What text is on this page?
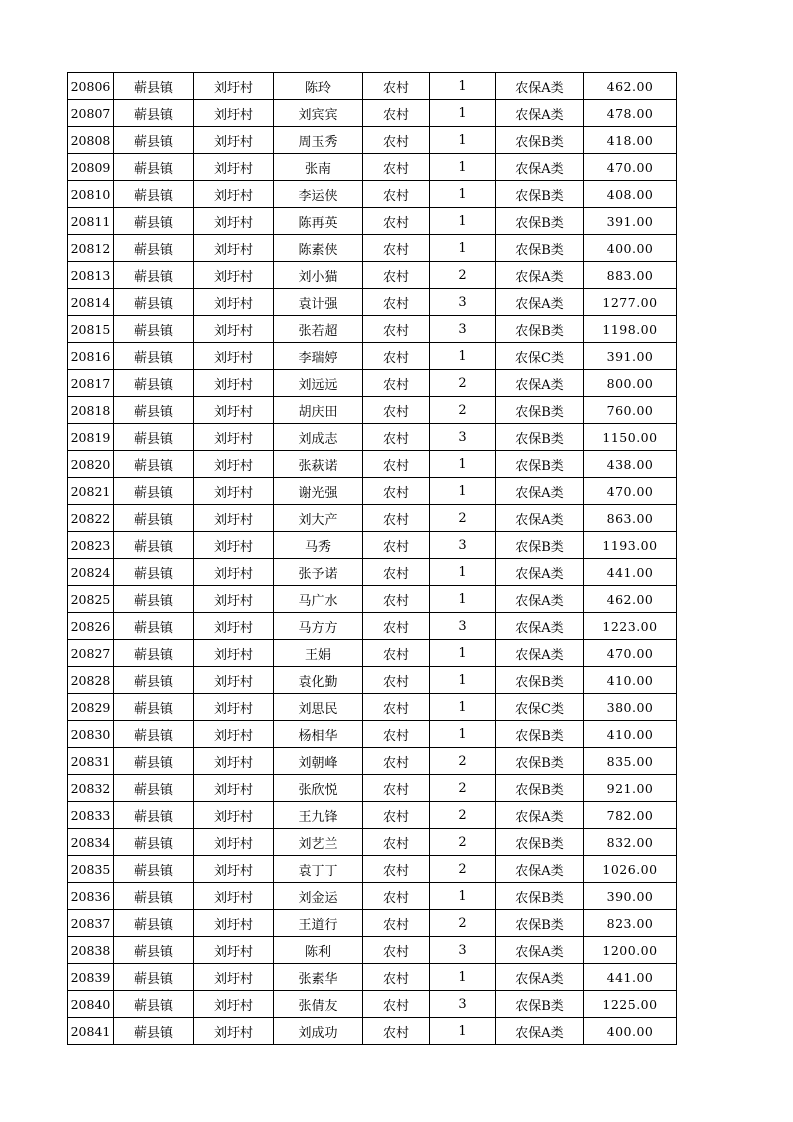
20806	蕲县镇	刘圩村	陈玲	农村	1	农保A类	462.00
20807	蕲县镇	刘圩村	刘宾宾	农村	1	农保A类	478.00
20808	蕲县镇	刘圩村	周玉秀	农村	1	农保B类	418.00
20809	蕲县镇	刘圩村	张南	农村	1	农保A类	470.00
20810	蕲县镇	刘圩村	李运侠	农村	1	农保B类	408.00
20811	蕲县镇	刘圩村	陈再英	农村	1	农保B类	391.00
20812	蕲县镇	刘圩村	陈素侠	农村	1	农保B类	400.00
20813	蕲县镇	刘圩村	刘小猫	农村	2	农保A类	883.00
20814	蕲县镇	刘圩村	袁计强	农村	3	农保A类	1277.00
20815	蕲县镇	刘圩村	张若超	农村	3	农保B类	1198.00
20816	蕲县镇	刘圩村	李瑞婷	农村	1	农保C类	391.00
20817	蕲县镇	刘圩村	刘远远	农村	2	农保A类	800.00
20818	蕲县镇	刘圩村	胡庆田	农村	2	农保B类	760.00
20819	蕲县镇	刘圩村	刘成志	农村	3	农保B类	1150.00
20820	蕲县镇	刘圩村	张萩诺	农村	1	农保B类	438.00
20821	蕲县镇	刘圩村	谢光强	农村	1	农保A类	470.00
20822	蕲县镇	刘圩村	刘大产	农村	2	农保A类	863.00
20823	蕲县镇	刘圩村	马秀	农村	3	农保B类	1193.00
20824	蕲县镇	刘圩村	张予诺	农村	1	农保A类	441.00
20825	蕲县镇	刘圩村	马广水	农村	1	农保A类	462.00
20826	蕲县镇	刘圩村	马方方	农村	3	农保A类	1223.00
20827	蕲县镇	刘圩村	王娟	农村	1	农保A类	470.00
20828	蕲县镇	刘圩村	袁化勤	农村	1	农保B类	410.00
20829	蕲县镇	刘圩村	刘思民	农村	1	农保C类	380.00
20830	蕲县镇	刘圩村	杨相华	农村	1	农保B类	410.00
20831	蕲县镇	刘圩村	刘朝峰	农村	2	农保B类	835.00
20832	蕲县镇	刘圩村	张欣悦	农村	2	农保B类	921.00
20833	蕲县镇	刘圩村	王九锋	农村	2	农保A类	782.00
20834	蕲县镇	刘圩村	刘艺兰	农村	2	农保B类	832.00
20835	蕲县镇	刘圩村	袁丁丁	农村	2	农保A类	1026.00
20836	蕲县镇	刘圩村	刘金运	农村	1	农保B类	390.00
20837	蕲县镇	刘圩村	王道行	农村	2	农保B类	823.00
20838	蕲县镇	刘圩村	陈利	农村	3	农保A类	1200.00
20839	蕲县镇	刘圩村	张素华	农村	1	农保A类	441.00
20840	蕲县镇	刘圩村	张倩友	农村	3	农保B类	1225.00
20841	蕲县镇	刘圩村	刘成功	农村	1	农保A类	400.00
